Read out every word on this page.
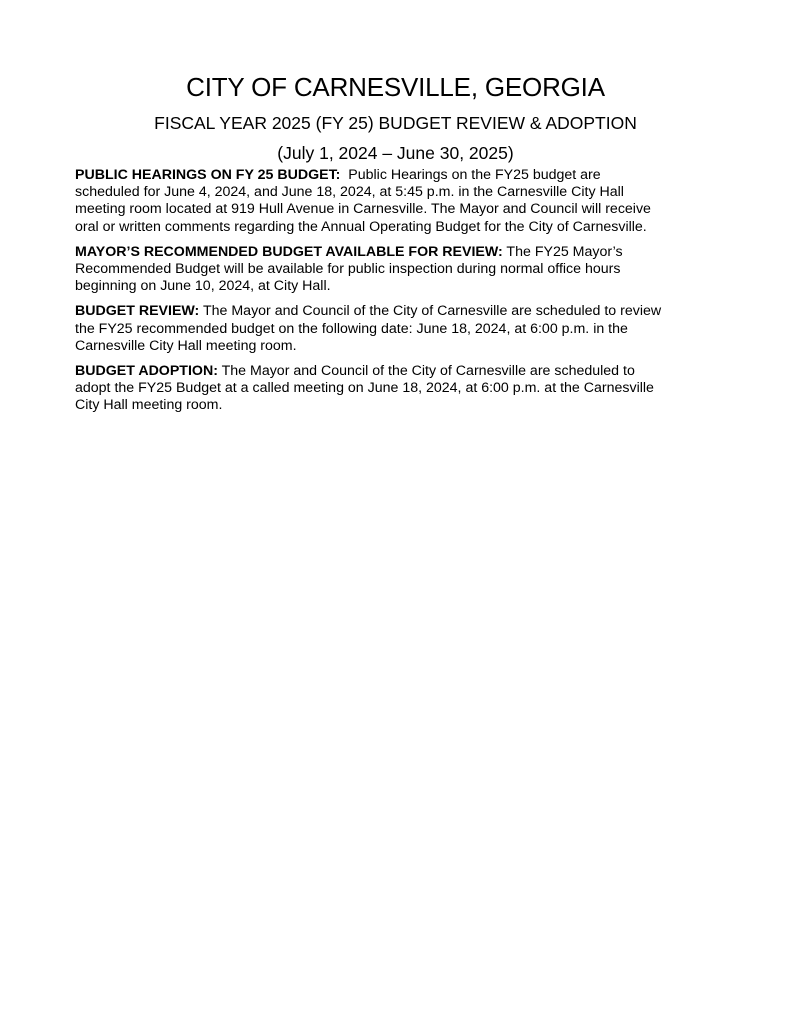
CITY OF CARNESVILLE, GEORGIA
FISCAL YEAR 2025 (FY 25) BUDGET REVIEW & ADOPTION
(July 1, 2024 – June 30, 2025)

PUBLIC HEARINGS ON FY 25 BUDGET:  Public Hearings on the FY25 budget are
scheduled for June 4, 2024, and June 18, 2024, at 5:45 p.m. in the Carnesville City Hall
meeting room located at 919 Hull Avenue in Carnesville. The Mayor and Council will receive
oral or written comments regarding the Annual Operating Budget for the City of Carnesville.

MAYOR’S RECOMMENDED BUDGET AVAILABLE FOR REVIEW: The FY25 Mayor’s
Recommended Budget will be available for public inspection during normal office hours
beginning on June 10, 2024, at City Hall.

BUDGET REVIEW: The Mayor and Council of the City of Carnesville are scheduled to review
the FY25 recommended budget on the following date: June 18, 2024, at 6:00 p.m. in the
Carnesville City Hall meeting room.

BUDGET ADOPTION: The Mayor and Council of the City of Carnesville are scheduled to
adopt the FY25 Budget at a called meeting on June 18, 2024, at 6:00 p.m. at the Carnesville
City Hall meeting room.
